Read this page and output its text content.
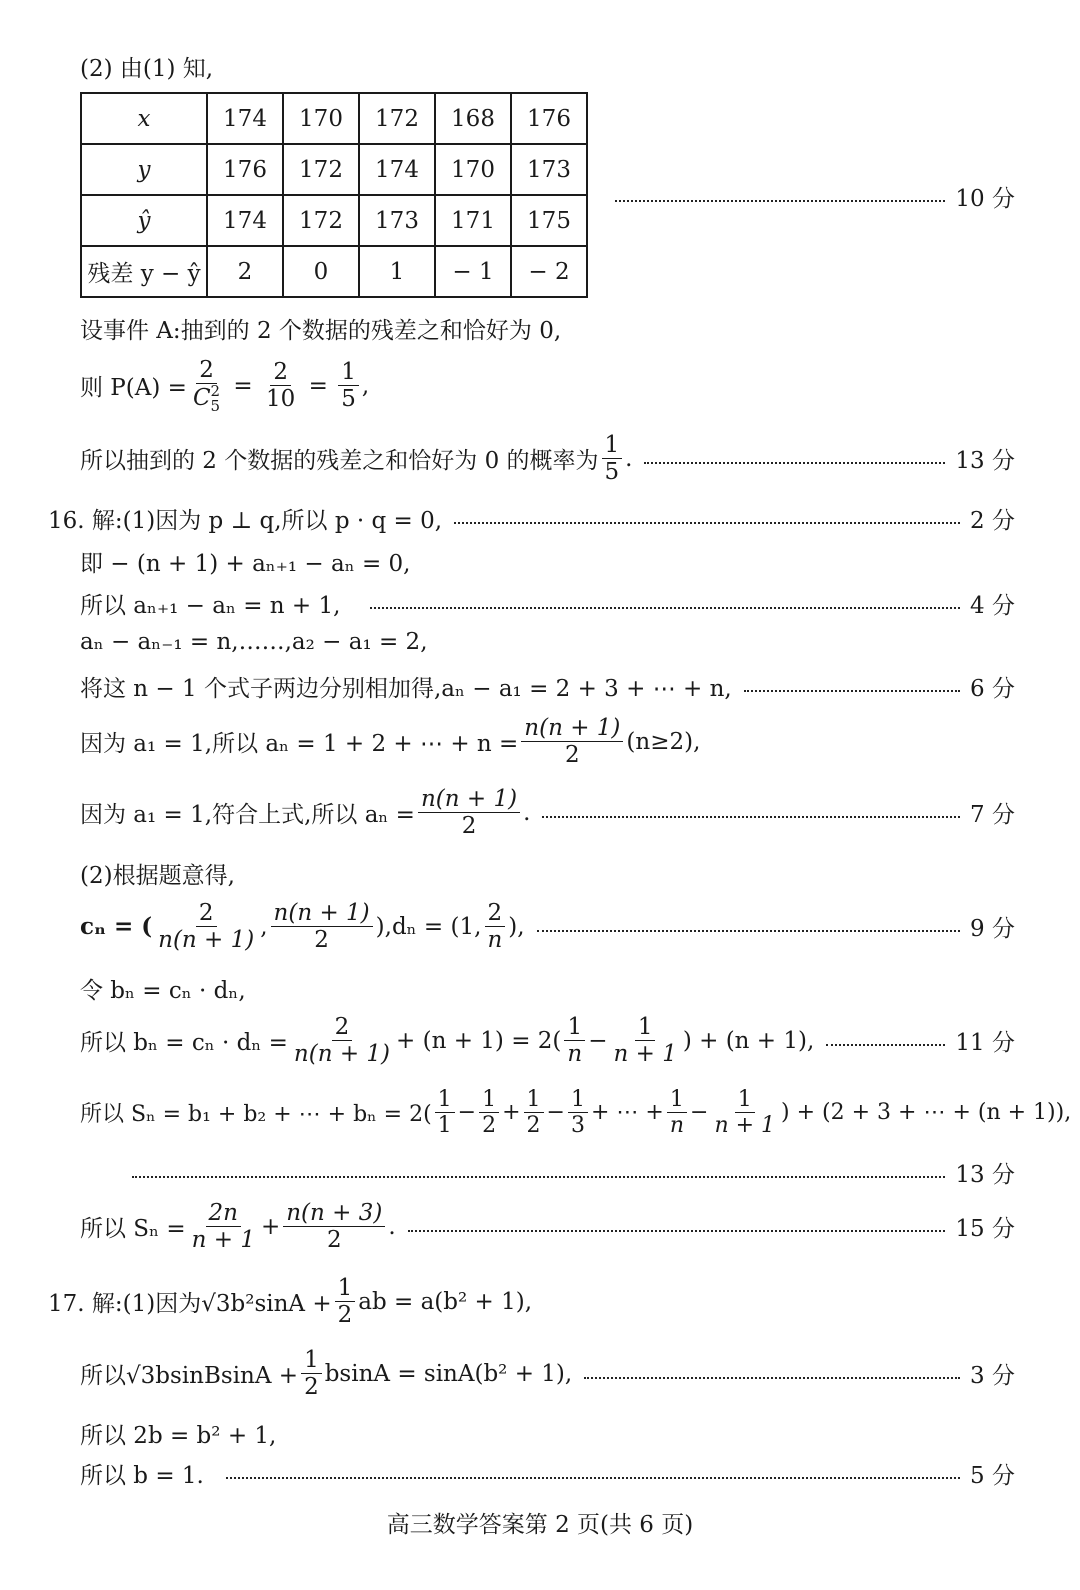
(2) 由(1) 知,
x	174	170	172	168	176
y	176	172	174	170	173
ŷ	174	172	173	171	175
残差 y − ŷ	2	0	1	− 1	− 2
10 分
设事件 A:抽到的 2 个数据的残差之和恰好为 0,
则 P(A) = 2
C 2
$5 = \frac{2}{10} = \frac{1}{5}$ ,
所以抽到的 2 个数据的残差之和恰好为 0 的概率为 $\frac{1}{5}$ .	13 分
16. 解:(1)因为 p ⊥ q,所以 p · q = 0,	2 分
即 − (n + 1) + aₙ₊₁ − aₙ = 0,
所以 aₙ₊₁ − aₙ = n + 1,	4 分
aₙ − aₙ₋₁ = n,……,a₂ − a₁ = 2,
将这 n − 1 个式子两边分别相加得,aₙ − a₁ = 2 + 3 + ⋯ + n,	6 分
因为 a₁ = 1,所以 aₙ = 1 + 2 + ⋯ + $n = \frac{n(n + 1)}{2} (n\ge 2)$,
因为 a₁ = 1,符合上式,所以 $a_n = \frac{n(n + 1)}{2}$ .	7 分
(2)根据题意得,
cₙ = ( $\frac{2}{n(n + 1)}$ , $\frac{n(n + 1)}{2} ),d_n = (1$, $\frac{2}{n}$ ),	9 分
令 bₙ = cₙ · dₙ,
所以 $b_n = c_n \cdot d_n = \frac{2}{n(n + 1)} + (n + 1) = 2( \frac{1}{n} - \frac{1}{n + 1}$ ) + (n + 1),	11 分
所以 Sₙ = b₁ + b₂ + ⋯ + $b_n = 2( \frac{1}{1} - \frac{1}{2} + \frac{1}{2} - \frac{1}{3}$ + ⋯ + $\frac{1}{n} - \frac{1}{n + 1}$ ) + (2 + 3 + ⋯ + (n + 1)),
13 分
所以 $S_n = \frac{2n}{n + 1} + \frac{n(n + 3)}{2}$ .	15 分
17. 解:(1)因为$√3b^2\sin A + \frac{1}{2}$ ab = a(b² + 1),
所以√3bsinBsinA + $\frac{1}{2}$ bsinA = sinA(b² + 1),	3 分
所以 2b = b² + 1,
所以 b = 1.	5 分
高三数学答案第 2 页(共 6 页)
